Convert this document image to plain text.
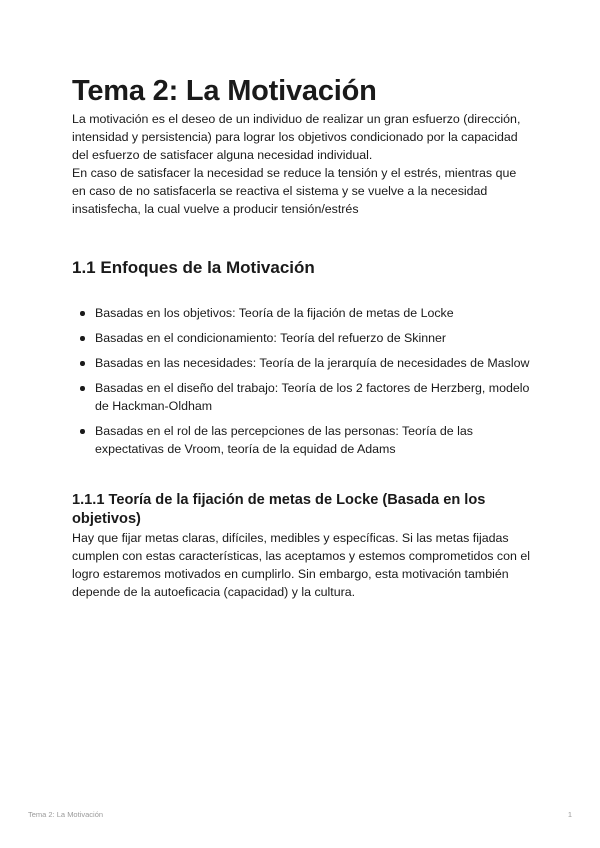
Tema 2: La Motivación

La motivación es el deseo de un individuo de realizar un gran esfuerzo (dirección, intensidad y persistencia) para lograr los objetivos condicionado por la capacidad del esfuerzo de satisfacer alguna necesidad individual.

En caso de satisfacer la necesidad se reduce la tensión y el estrés, mientras que en caso de no satisfacerla se reactiva el sistema y se vuelve a la necesidad insatisfecha, la cual vuelve a producir tensión/estrés

1.1 Enfoques de la Motivación
Basadas en los objetivos: Teoría de la fijación de metas de Locke
Basadas en el condicionamiento: Teoría del refuerzo de Skinner
Basadas en las necesidades: Teoría de la jerarquía de necesidades de Maslow
Basadas en el diseño del trabajo: Teoría de los 2 factores de Herzberg, modelo de Hackman-Oldham
Basadas en el rol de las percepciones de las personas: Teoría de las expectativas de Vroom, teoría de la equidad de Adams
1.1.1 Teoría de la fijación de metas de Locke (Basada en los objetivos)

Hay que fijar metas claras, difíciles, medibles y específicas. Si las metas fijadas cumplen con estas características, las aceptamos y estemos comprometidos con el logro estaremos motivados en cumplirlo. Sin embargo, esta motivación también depende de la autoeficacia (capacidad) y la cultura.

Tema 2: La Motivación	1
